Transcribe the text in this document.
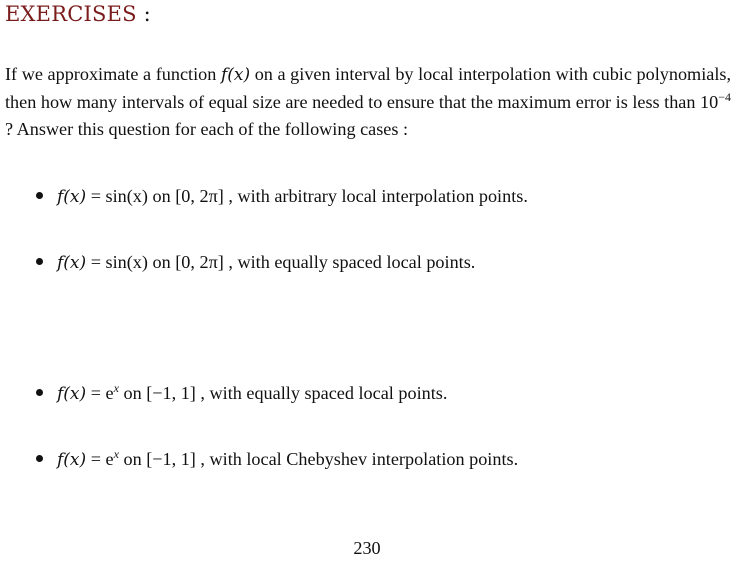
EXERCISES :
If we approximate a function f(x) on a given interval by local interpolation with cubic polynomials, then how many intervals of equal size are needed to ensure that the maximum error is less than $10^{-4}$ ? Answer this question for each of the following cases :
f(x) = sin(x) on [0, 2π] , with arbitrary local interpolation points.
f(x) = sin(x) on [0, 2π] , with equally spaced local points.
$f(x) = e^x$ on [−1, 1] , with equally spaced local points.
$f(x) = e^x$ on [−1, 1] , with local Chebyshev interpolation points.
230
